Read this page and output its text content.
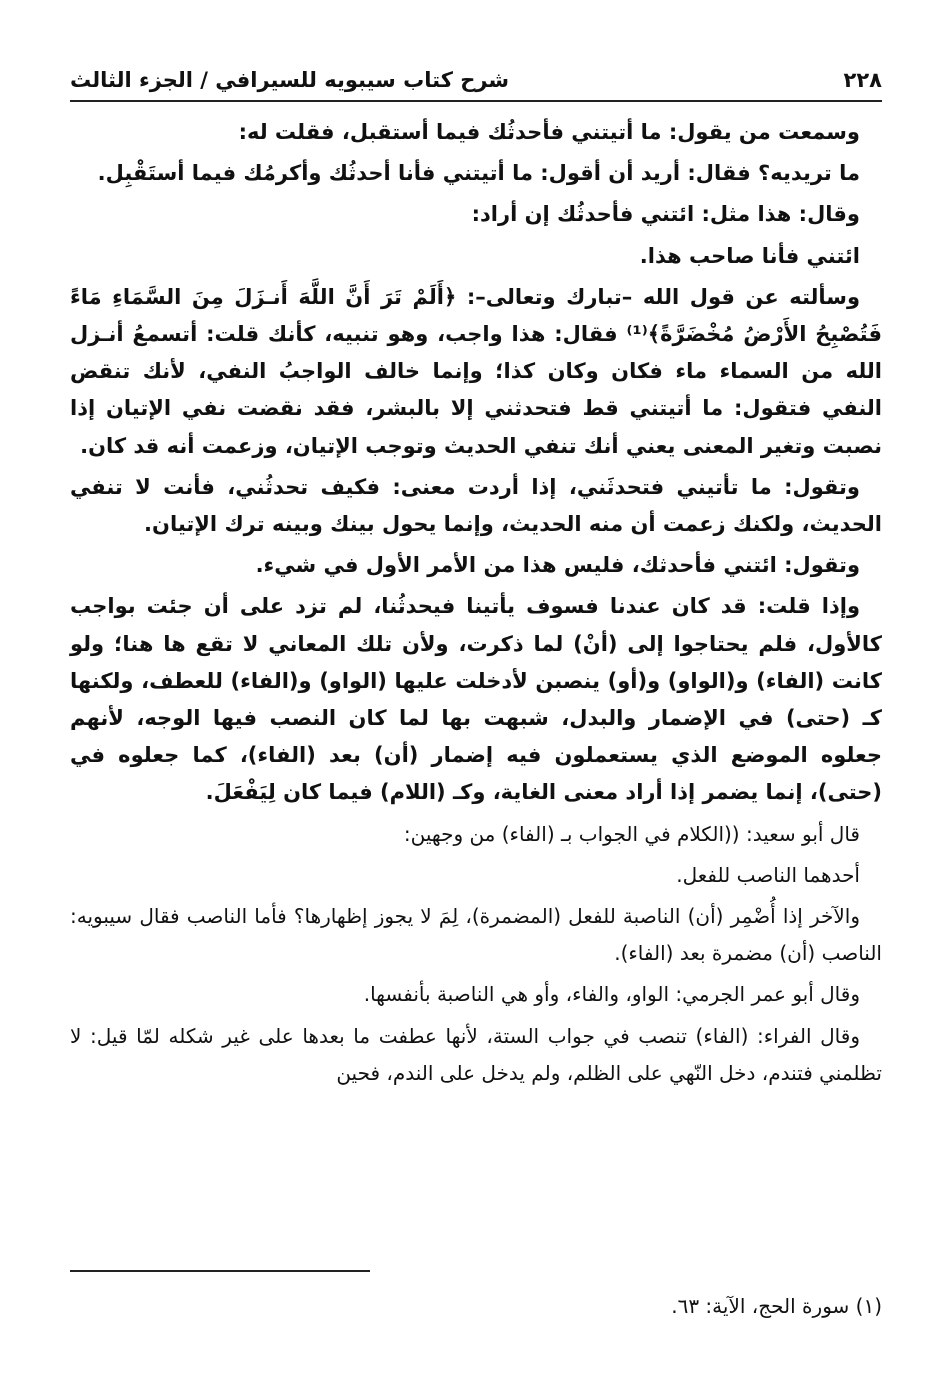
٢٢٨
شرح كتاب سيبويه للسيرافي / الجزء الثالث

وسمعت من يقول: ما أتيتني فأحدثُك فيما أستقبل، فقلت له:

ما تريديه؟ فقال: أريد أن أقول: ما أتيتني فأنا أحدثُك وأكرمُك فيما أستَقْبِل.

وقال: هذا مثل: ائتني فأحدثُك إن أراد:

ائتني فأنا صاحب هذا.

وسألته عن قول الله –تبارك وتعالى–: ﴿أَلَمْ تَرَ أَنَّ اللَّهَ أَنـزَلَ مِنَ السَّمَاءِ مَاءً فَتُصْبِحُ الأَرْضُ مُخْضَرَّةً﴾⁽¹⁾ فقال: هذا واجب، وهو تنبيه، كأنك قلت: أتسمعُ أنـزل الله من السماء ماء فكان وكان كذا؛ وإنما خالف الواجبُ النفي، لأنك تنقض النفي فتقول: ما أتيتني قط فتحدثني إلا بالبشر، فقد نقضت نفي الإتيان إذا نصبت وتغير المعنى يعني أنك تنفي الحديث وتوجب الإتيان، وزعمت أنه قد كان.

وتقول: ما تأتيني فتحدثَني، إذا أردت معنى: فكيف تحدثُني، فأنت لا تنفي الحديث، ولكنك زعمت أن منه الحديث، وإنما يحول بينك وبينه ترك الإتيان.

وتقول: ائتني فأحدثك، فليس هذا من الأمر الأول في شيء.

وإذا قلت: قد كان عندنا فسوف يأتينا فيحدثُنا، لم تزد على أن جئت بواجب كالأول، فلم يحتاجوا إلى (أنْ) لما ذكرت، ولأن تلك المعاني لا تقع ها هنا؛ ولو كانت (الفاء) و(الواو) و(أو) ينصبن لأدخلت عليها (الواو) و(الفاء) للعطف، ولكنها كـ (حتى) في الإضمار والبدل، شبهت بها لما كان النصب فيها الوجه، لأنهم جعلوه الموضع الذي يستعملون فيه إضمار (أن) بعد (الفاء)، كما جعلوه في (حتى)، إنما يضمر إذا أراد معنى الغاية، وكـ (اللام) فيما كان لِيَفْعَلَ.

قال أبو سعيد: ((الكلام في الجواب بـ (الفاء) من وجهين:

أحدهما الناصب للفعل.

والآخر إذا أُضْمِر (أن) الناصبة للفعل (المضمرة)، لِمَ لا يجوز إظهارها؟ فأما الناصب فقال سيبويه: الناصب (أن) مضمرة بعد (الفاء).

وقال أبو عمر الجرمي: الواو، والفاء، وأو هي الناصبة بأنفسها.

وقال الفراء: (الفاء) تنصب في جواب الستة، لأنها عطفت ما بعدها على غير شكله لمّا قيل: لا تظلمني فتندم، دخل النّهي على الظلم، ولم يدخل على الندم، فحين

(١) سورة الحج، الآية: ٦٣.
